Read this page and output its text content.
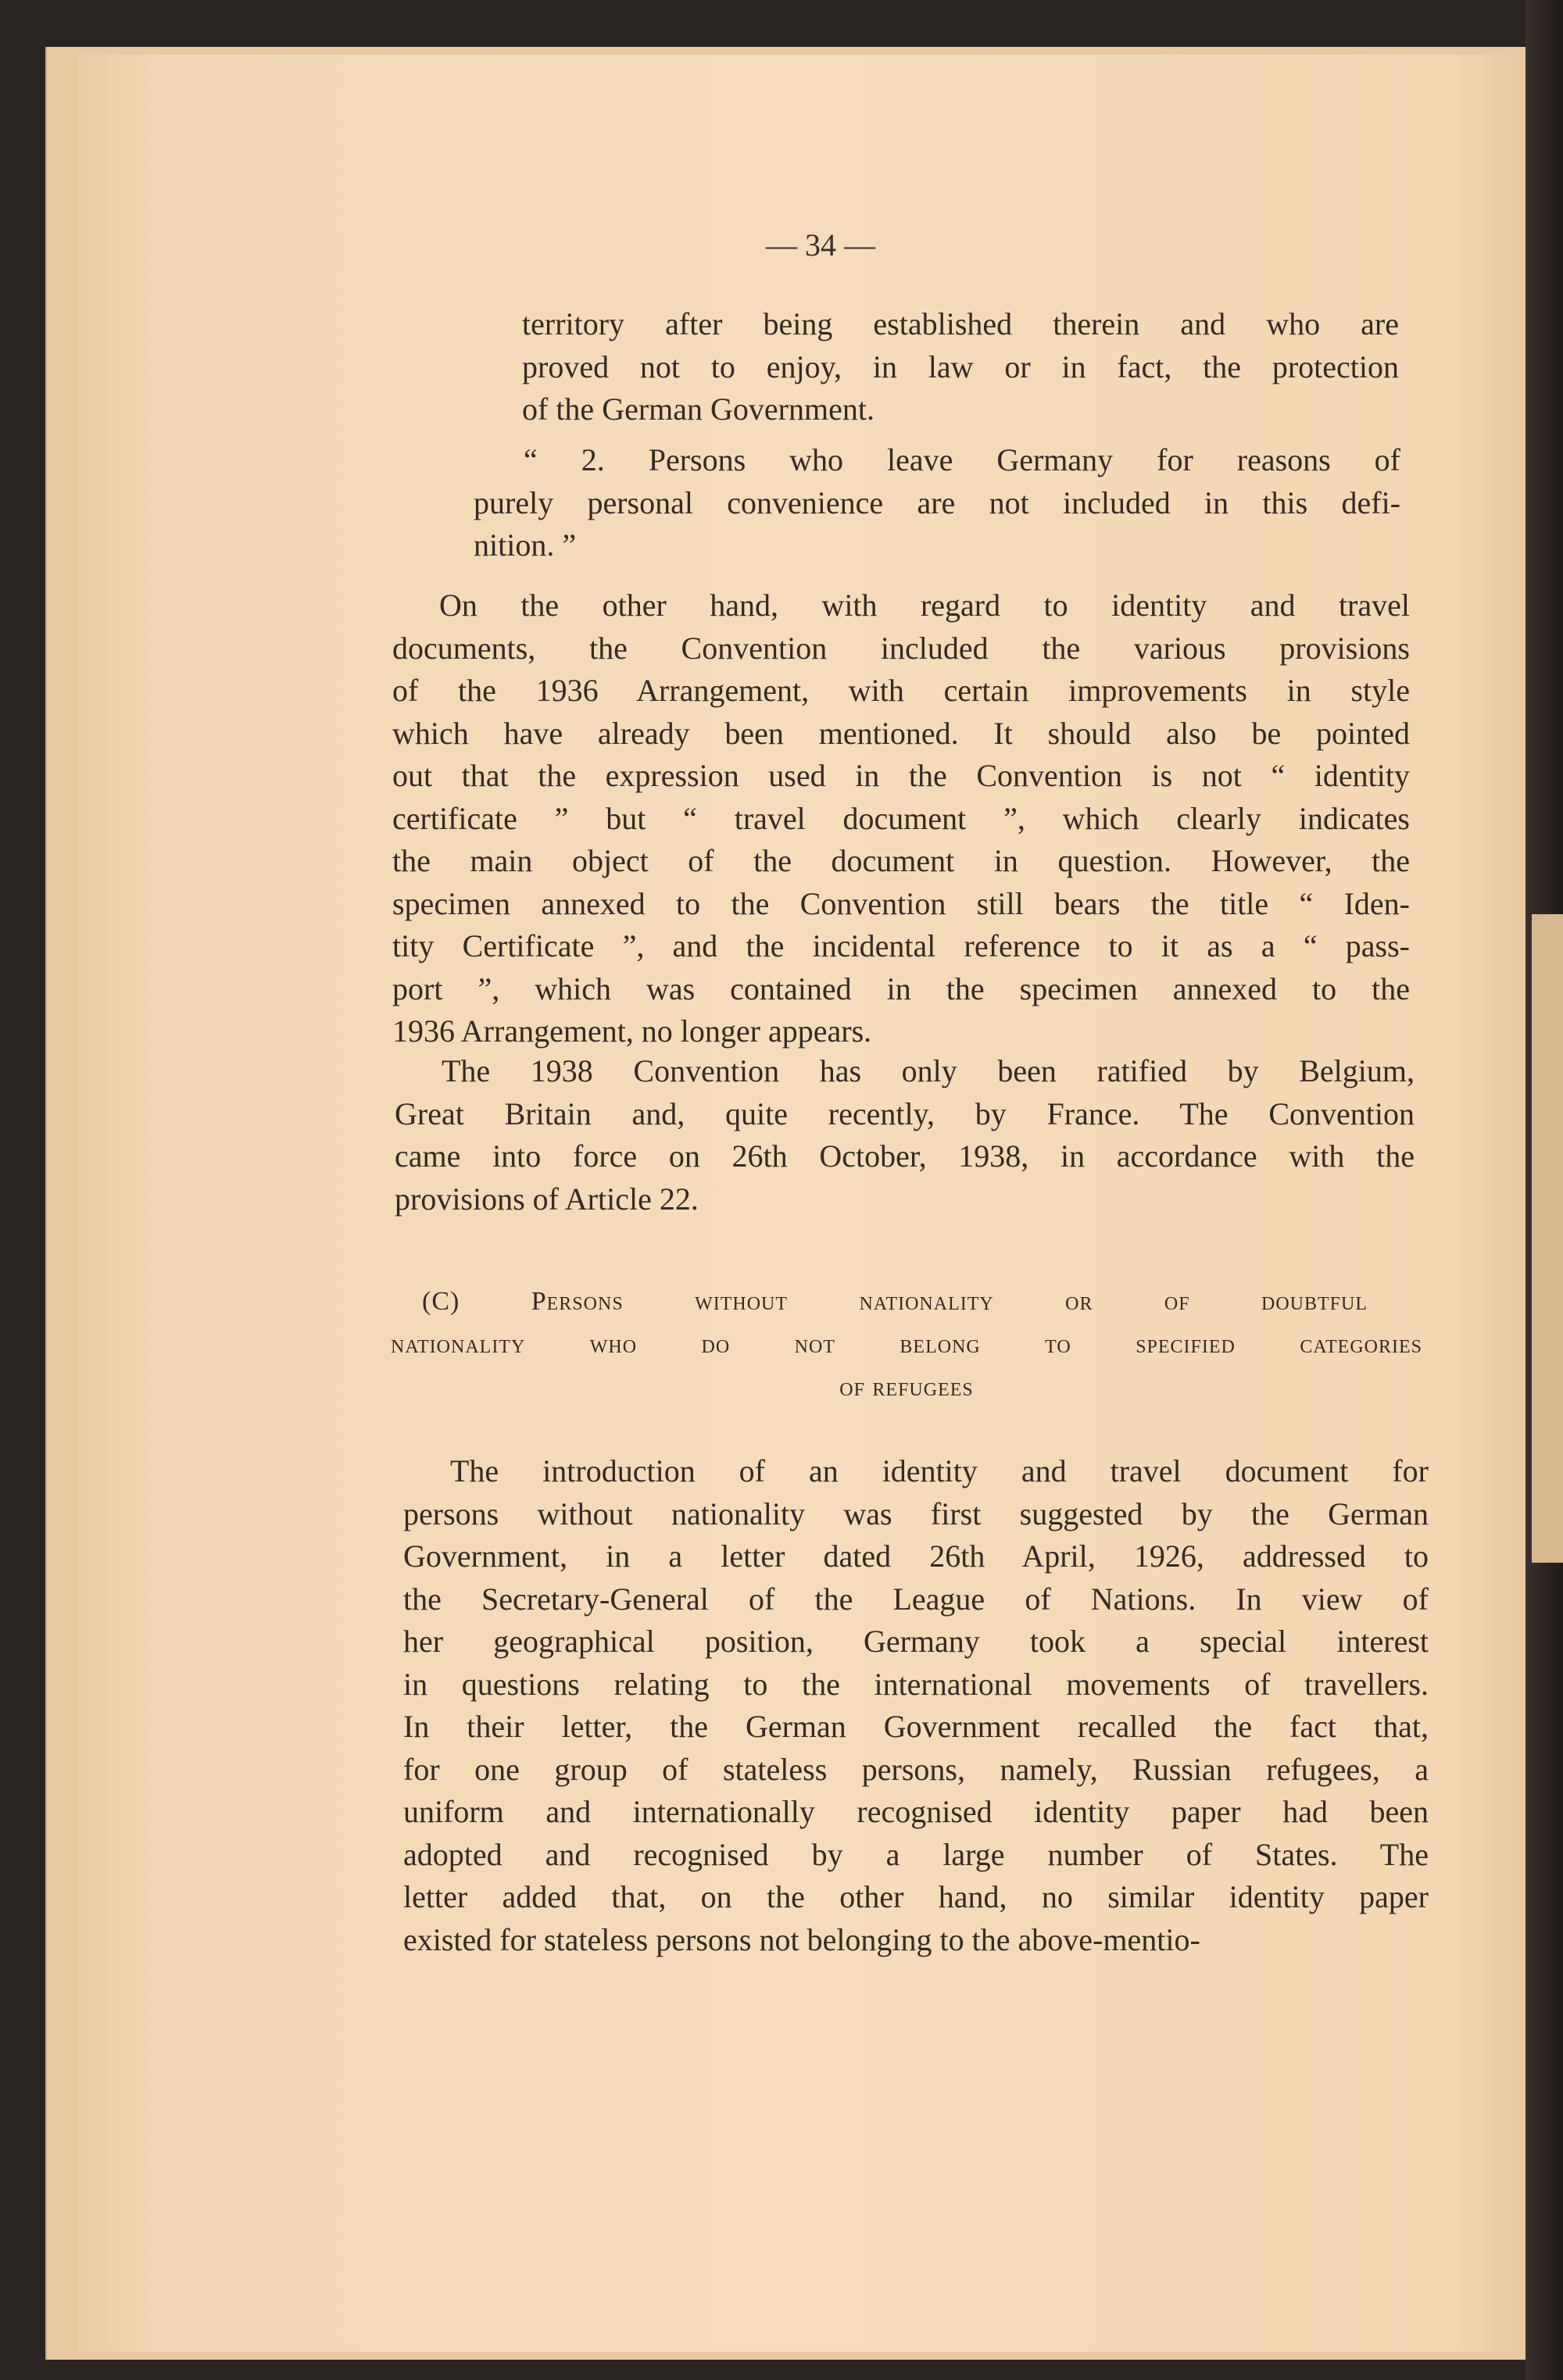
— 34 —
territory after being established therein and who are
proved not to enjoy, in law or in fact, the protection
of the German Government.
“ 2. Persons who leave Germany for reasons of
purely personal convenience are not included in this defi-
nition. ”
On the other hand, with regard to identity and travel
documents, the Convention included the various provisions
of the 1936 Arrangement, with certain improvements in style
which have already been mentioned. It should also be pointed
out that the expression used in the Convention is not “ identity
certificate ” but “ travel document ”, which clearly indicates
the main object of the document in question. However, the
specimen annexed to the Convention still bears the title “ Iden-
tity Certificate ”, and the incidental reference to it as a “ pass-
port ”, which was contained in the specimen annexed to the
1936 Arrangement, no longer appears.
The 1938 Convention has only been ratified by Belgium,
Great Britain and, quite recently, by France. The Convention
came into force on 26th October, 1938, in accordance with the
provisions of Article 22.
(C) Persons without nationality or of doubtful
nationality who do not belong to specified categories
of refugees
The introduction of an identity and travel document for
persons without nationality was first suggested by the German
Government, in a letter dated 26th April, 1926, addressed to
the Secretary-General of the League of Nations. In view of
her geographical position, Germany took a special interest
in questions relating to the international movements of travellers.
In their letter, the German Government recalled the fact that,
for one group of stateless persons, namely, Russian refugees, a
uniform and internationally recognised identity paper had been
adopted and recognised by a large number of States. The
letter added that, on the other hand, no similar identity paper
existed for stateless persons not belonging to the above-mentio-
